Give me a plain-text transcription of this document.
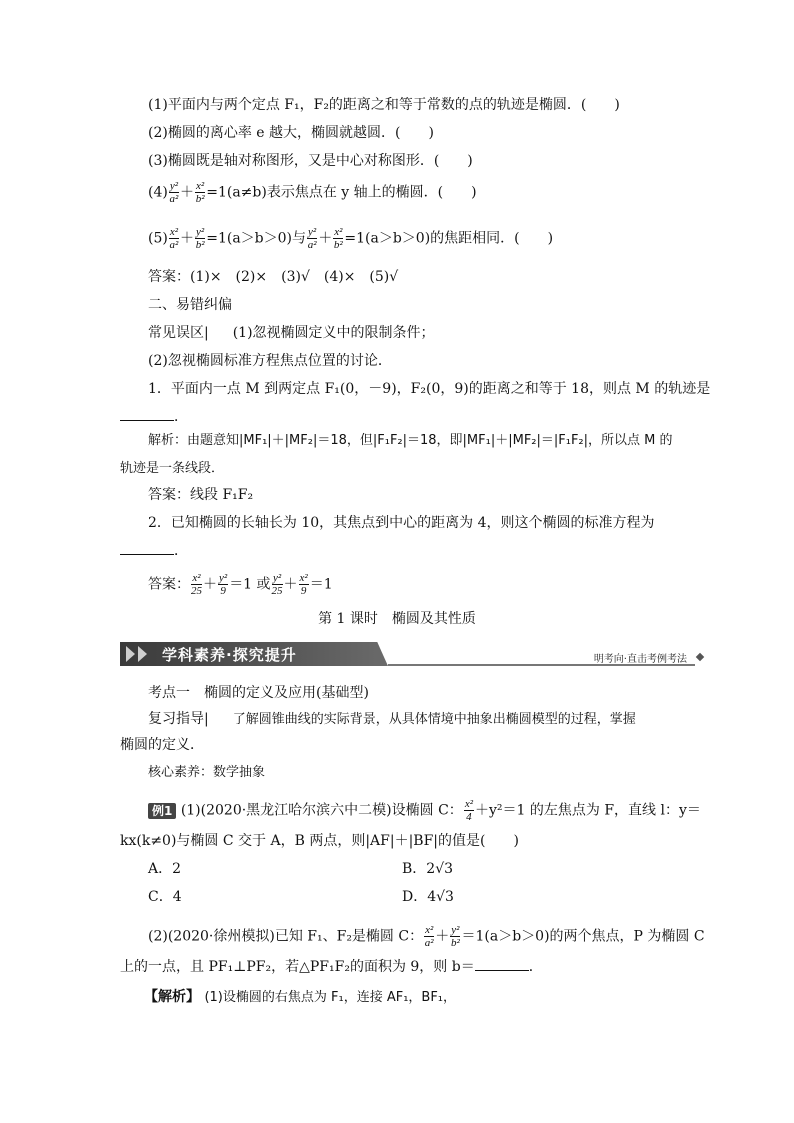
(1)平面内与两个定点 F₁，F₂的距离之和等于常数的点的轨迹是椭圆．(　　)
(2)椭圆的离心率 e 越大，椭圆就越圆．(　　)
(3)椭圆既是轴对称图形，又是中心对称图形．(　　)
$(4) \frac{\text{y²}}{\text{a²}} + \frac{\text{x²}}{\text{b²}} =1(a\ne b)$表示焦点在 y 轴上的椭圆．(　　)
$(5) \frac{\text{x²}}{\text{a²}} + \frac{\text{y²}}{\text{b²}} =1(a>b>0)$与 $\frac{\text{y²}}{\text{a²}} + \frac{\text{x²}}{\text{b²}} =1(a>b>0)$的焦距相同．(　　)
答案：(1)×　(2)×　(3)√　(4)×　(5)√
二、易错纠偏
常见误区| (1)忽视椭圆定义中的限制条件；
(2)忽视椭圆标准方程焦点位置的讨论．
1．平面内一点 M 到两定点 F₁(0，－9)，F₂(0，9)的距离之和等于 18，则点 M 的轨迹是
．
解析：由题意知|MF₁|＋|MF₂|＝18，但|F₁F₂|＝18，即|MF₁|＋|MF₂|＝|F₁F₂|，所以点 M 的
轨迹是一条线段．
答案：线段 F₁F₂
2．已知椭圆的长轴长为 10，其焦点到中心的距离为 4，则这个椭圆的标准方程为
．
答案： $\frac{\text{x²}}{25} + \frac{\text{y²}}{9} =1$ 或 $\frac{\text{y²}}{25} + \frac{\text{x²}}{9} =1$
第 1 课时　椭圆及其性质
学科素养·探究提升	明考向·直击考例考法
考点一　椭圆的定义及应用(基础型)
复习指导| 了解圆锥曲线的实际背景，从具体情境中抽象出椭圆模型的过程，掌握
椭圆的定义．
核心素养：数学抽象
例1 (1)(2020·黑龙江哈尔滨六中二模)设椭圆 C： $\frac{\text{x²}}{4} +y^2=1$ 的左焦点为 F，直线 l：y＝
kx(k≠0)与椭圆 C 交于 A，B 两点，则|AF|＋|BF|的值是(　　)
A．2	B．2√3
C．4	D．4√3
(2)(2020·徐州模拟)已知 F₁、F₂是椭圆 C： $\frac{\text{x²}}{\text{a²}} + \frac{\text{y²}}{\text{b²}} =1(a>b>0)$的两个焦点，P 为椭圆 C
上的一点，且 PF₁⊥PF₂，若△PF₁F₂的面积为 9，则 b＝	．
【解析】 (1)设椭圆的右焦点为 F₁，连接 AF₁，BF₁，
